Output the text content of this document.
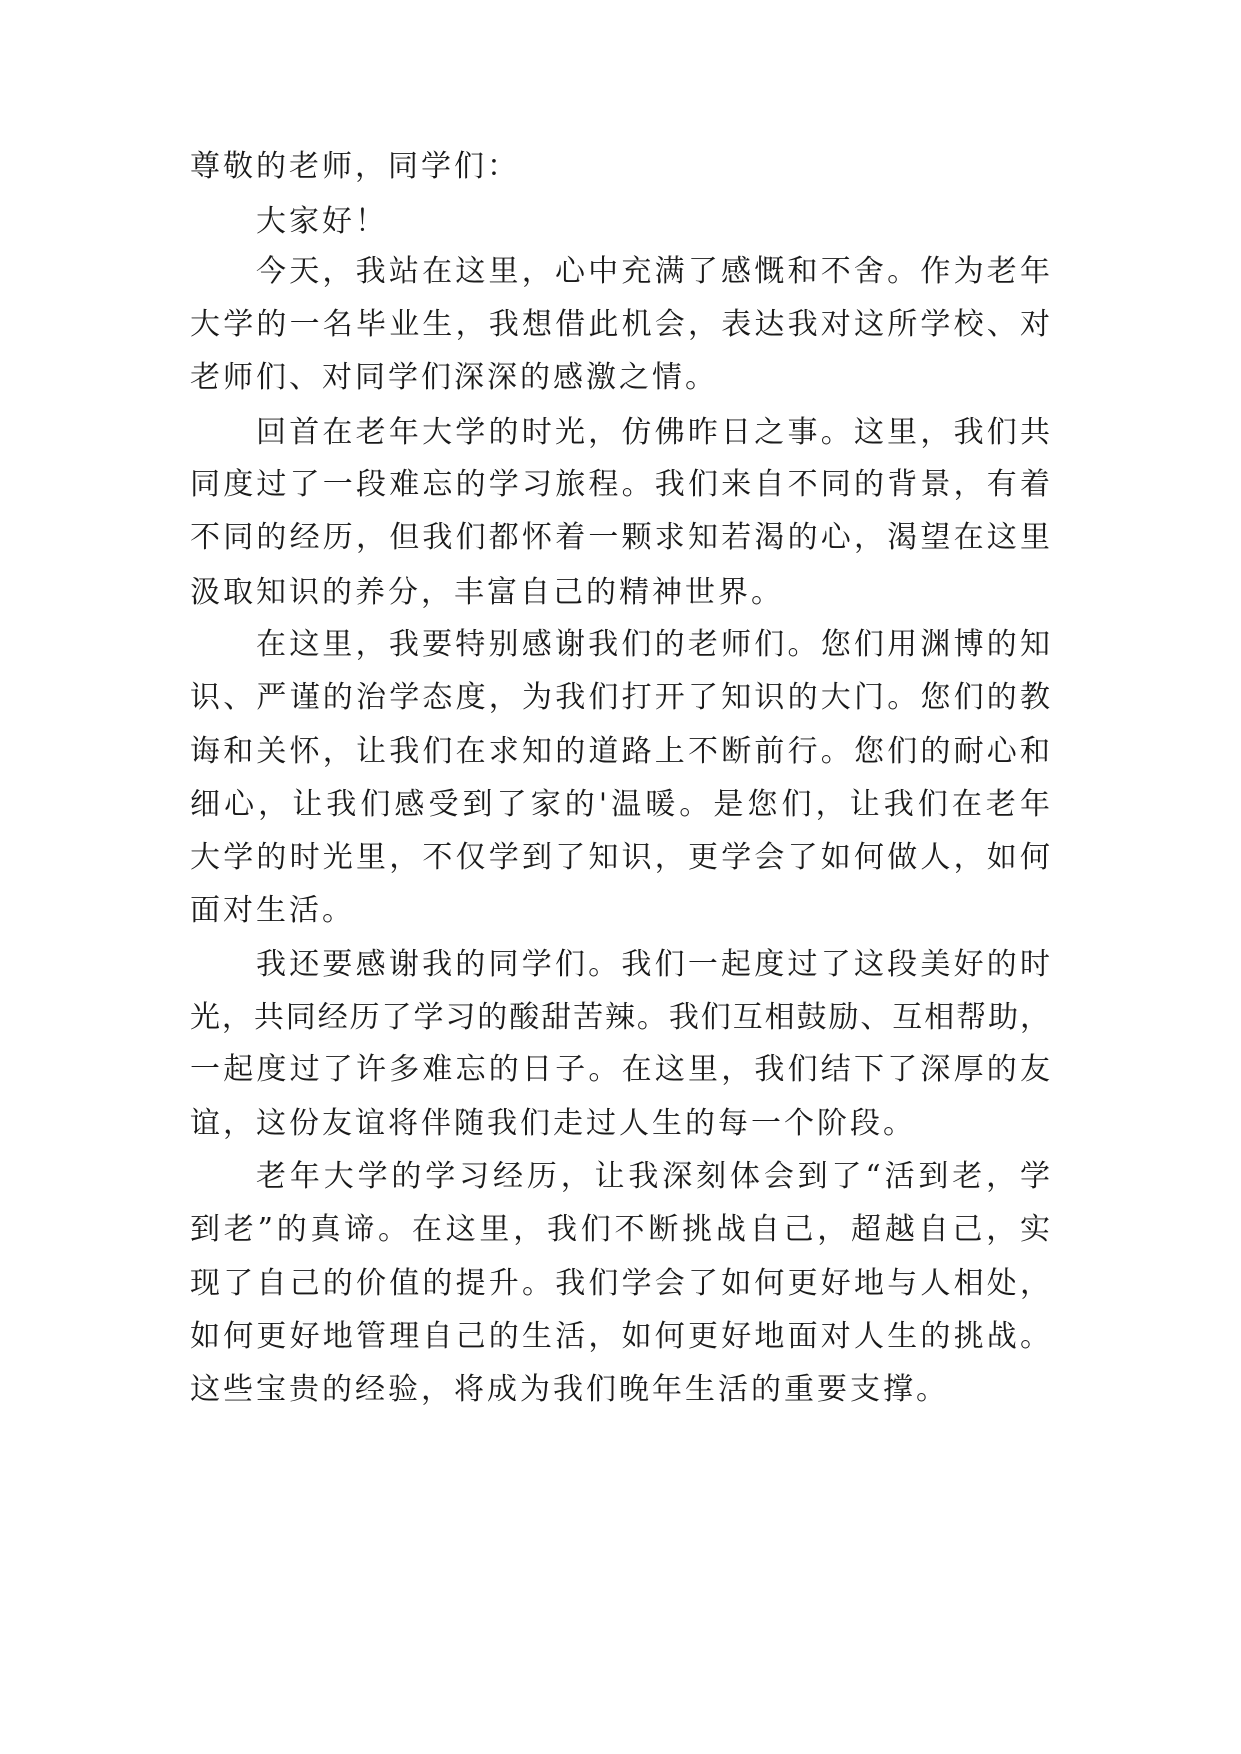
尊敬的老师，同学们：

大家好！

今天，我站在这里，心中充满了感慨和不舍。作为老年

大学的一名毕业生，我想借此机会，表达我对这所学校、对

老师们、对同学们深深的感激之情。

回首在老年大学的时光，仿佛昨日之事。这里，我们共

同度过了一段难忘的学习旅程。我们来自不同的背景，有着

不同的经历，但我们都怀着一颗求知若渴的心，渴望在这里

汲取知识的养分，丰富自己的精神世界。

在这里，我要特别感谢我们的老师们。您们用渊博的知

识、严谨的治学态度，为我们打开了知识的大门。您们的教

诲和关怀，让我们在求知的道路上不断前行。您们的耐心和

细心，让我们感受到了家的'温暖。是您们，让我们在老年

大学的时光里，不仅学到了知识，更学会了如何做人，如何

面对生活。

我还要感谢我的同学们。我们一起度过了这段美好的时

光，共同经历了学习的酸甜苦辣。我们互相鼓励、互相帮助，

一起度过了许多难忘的日子。在这里，我们结下了深厚的友

谊，这份友谊将伴随我们走过人生的每一个阶段。

老年大学的学习经历，让我深刻体会到了“活到老，学

到老”的真谛。在这里，我们不断挑战自己，超越自己，实

现了自己的价值的提升。我们学会了如何更好地与人相处，

如何更好地管理自己的生活，如何更好地面对人生的挑战。

这些宝贵的经验，将成为我们晚年生活的重要支撑。
